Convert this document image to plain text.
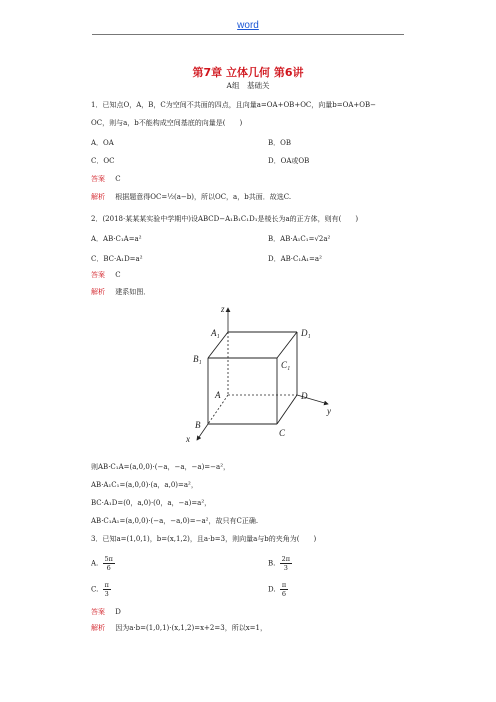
word
第7章 立体几何 第6讲
A组　基础关
1．已知点O，A，B，C为空间不共面的四点，且向量a=OA+OB+OC，向量b=OA+OB−
OC，则与a，b不能构成空间基底的向量是(　　)
A．OA	B．OB
C．OC	D．OA或OB
答案 C
解析 根据题意得OC=½(a−b)，所以OC，a，b共面．故选C.
2．(2018·某某某实验中学期中)设ABCD−A₁B₁C₁D₁是棱长为a的正方体，则有(　　)
A．AB·C₁A=a²	B．AB·A₁C₁=√2a²
C．BC·A₁D=a²	D．AB·C₁A₁=a²
答案 C
解析 建系如图．
z
y
x
A₁	D₁
B₁
C₁
A	D
B
C
则AB·C₁A=(a,0,0)·(−a，−a，−a)=−a²，
AB·A₁C₁=(a,0,0)·(a，a,0)=a²，
BC·A₁D=(0，a,0)·(0，a，−a)=a²，
AB·C₁A₁=(a,0,0)·(−a，−a,0)=−a²，故只有C正确.
3．已知a=(1,0,1)，b=(x,1,2)，且a·b=3，则向量a与b的夹角为(　　)
A. $\frac{5\pi}{6}$	B. $\frac{2\pi}{3}$
C. $\frac{\pi}{3}$	D. $\frac{\pi}{6}$
答案 D
解析 因为a·b=(1,0,1)·(x,1,2)=x+2=3，所以x=1，
